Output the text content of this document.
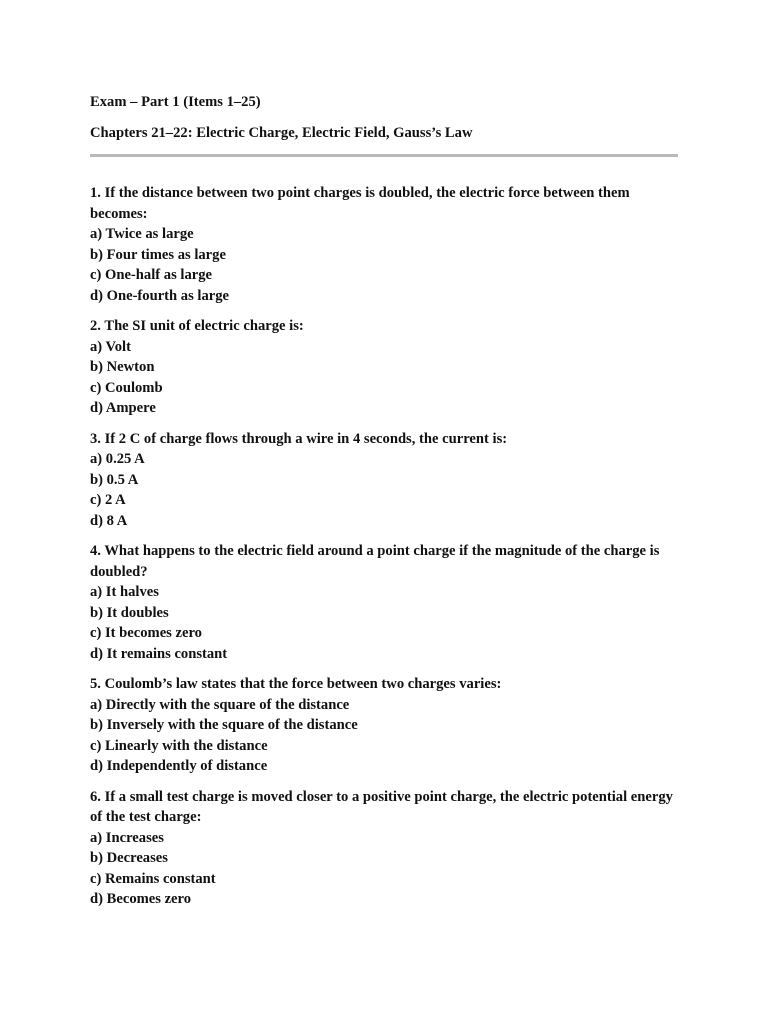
Exam – Part 1 (Items 1–25)

Chapters 21–22: Electric Charge, Electric Field, Gauss’s Law

1. If the distance between two point charges is doubled, the electric force between them becomes:

a) Twice as large

b) Four times as large

c) One-half as large

d) One-fourth as large

2. The SI unit of electric charge is:

a) Volt

b) Newton

c) Coulomb

d) Ampere

3. If 2 C of charge flows through a wire in 4 seconds, the current is:

a) 0.25 A

b) 0.5 A

c) 2 A

d) 8 A

4. What happens to the electric field around a point charge if the magnitude of the charge is doubled?

a) It halves

b) It doubles

c) It becomes zero

d) It remains constant

5. Coulomb’s law states that the force between two charges varies:

a) Directly with the square of the distance

b) Inversely with the square of the distance

c) Linearly with the distance

d) Independently of distance

6. If a small test charge is moved closer to a positive point charge, the electric potential energy of the test charge:

a) Increases

b) Decreases

c) Remains constant

d) Becomes zero
